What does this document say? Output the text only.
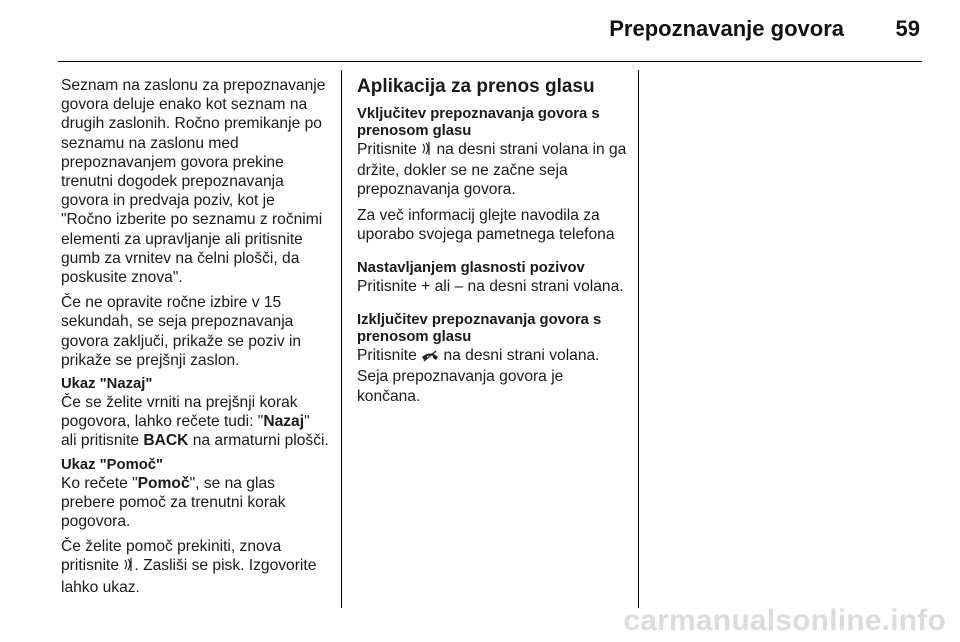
Prepoznavanje govora 59

Seznam na zaslonu za prepoznavanje govora deluje enako kot seznam na drugih zaslonih. Ročno premikanje po seznamu na zaslonu med prepoznavanjem govora prekine trenutni dogodek prepoznavanja govora in predvaja poziv, kot je "Ročno izberite po seznamu z ročnimi elementi za upravljanje ali pritisnite gumb za vrnitev na čelni plošči, da poskusite znova".

Če ne opravite ročne izbire v 15 sekundah, se seja prepoznavanja govora zaključi, prikaže se poziv in prikaže se prejšnji zaslon.

Ukaz "Nazaj"

Če se želite vrniti na prejšnji korak pogovora, lahko rečete tudi: "Nazaj" ali pritisnite BACK na armaturni plošči.

Ukaz "Pomoč"

Ko rečete "Pomoč", se na glas prebere pomoč za trenutni korak pogovora.

Če želite pomoč prekiniti, znova pritisnite . Zasliši se pisk. Izgovorite lahko ukaz.

Aplikacija za prenos glasu
Vključitev prepoznavanja govora s prenosom glasu

Pritisnite  na desni strani volana in ga držite, dokler se ne začne seja prepoznavanja govora.

Za več informacij glejte navodila za uporabo svojega pametnega telefona

Nastavljanjem glasnosti pozivov

Pritisnite + ali – na desni strani volana.

Izključitev prepoznavanja govora s prenosom glasu

Pritisnite  na desni strani volana. Seja prepoznavanja govora je končana.

carmanualsonline.info
